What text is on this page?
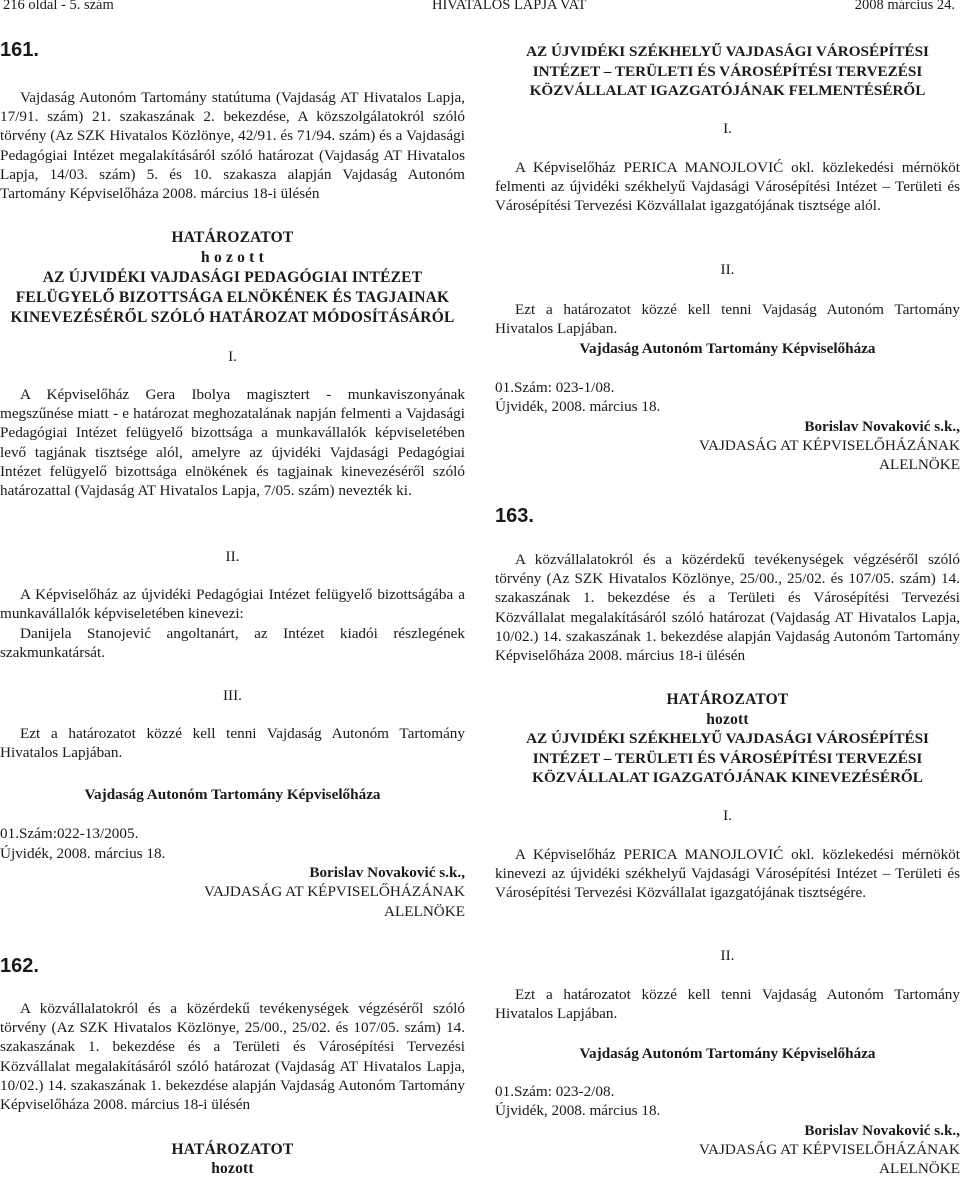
216 oldal - 5. szám	HIVATALOS LAPJA VAT	2008 március 24.
161.
Vajdaság Autonóm Tartomány statútuma (Vajdaság AT Hivatalos Lapja, 17/91. szám) 21. szakaszának 2. bekezdése, A közszolgálatokról szóló törvény (Az SZK Hivatalos Közlönye, 42/91. és 71/94. szám) és a Vajdasági Pedagógiai Intézet megalakításáról szóló határozat (Vajdaság AT Hivatalos Lapja, 14/03. szám) 5. és 10. szakasza alapján Vajdaság Autonóm Tartomány Képviselőháza 2008. március 18-i ülésén
HATÁROZATOT
h o z o t t
AZ ÚJVIDÉKI VAJDASÁGI PEDAGÓGIAI INTÉZET
FELÜGYELŐ BIZOTTSÁGA ELNÖKÉNEK ÉS TAGJAINAK
KINEVEZÉSÉRŐL SZÓLÓ HATÁROZAT MÓDOSÍTÁSÁRÓL
I.
A Képviselőház Gera Ibolya magisztert - munkaviszonyának megszűnése miatt - e határozat meghozatalának napján felmenti a Vajdasági Pedagógiai Intézet felügyelő bizottsága a munkavállalók képviseletében levő tagjának tisztsége alól, amelyre az újvidéki Vajdasági Pedagógiai Intézet felügyelő bizottsága elnökének és tagjainak kinevezéséről szóló határozattal (Vajdaság AT Hivatalos Lapja, 7/05. szám) nevezték ki.
II.
A Képviselőház az újvidéki Pedagógiai Intézet felügyelő bizottságába a munkavállalók képviseletében kinevezi:
Danijela Stanojević angoltanárt, az Intézet kiadói részlegének szakmunkatársát.
III.
Ezt a határozatot közzé kell tenni Vajdaság Autonóm Tartomány Hivatalos Lapjában.
Vajdaság Autonóm Tartomány Képviselőháza
01.Szám:022-13/2005.
Újvidék, 2008. március 18.
Borislav Novaković s.k.,
VAJDASÁG AT KÉPVISELŐHÁZÁNAK
ALELNÖKE
162.
A közvállalatokról és a közérdekű tevékenységek végzéséről szóló törvény (Az SZK Hivatalos Közlönye, 25/00., 25/02. és 107/05. szám) 14. szakaszának 1. bekezdése és a Területi és Városépítési Tervezési Közvállalat megalakításáról szóló határozat (Vajdaság AT Hivatalos Lapja, 10/02.) 14. szakaszának 1. bekezdése alapján Vajdaság Autonóm Tartomány Képviselőháza 2008. március 18-i ülésén
HATÁROZATOT
hozott
AZ ÚJVIDÉKI SZÉKHELYŰ VAJDASÁGI VÁROSÉPÍTÉSI
INTÉZET – TERÜLETI ÉS VÁROSÉPÍTÉSI TERVEZÉSI
KÖZVÁLLALAT IGAZGATÓJÁNAK FELMENTÉSÉRŐL
I.
A Képviselőház PERICA MANOJLOVIĆ okl. közlekedési mérnököt felmenti az újvidéki székhelyű Vajdasági Városépítési Intézet – Területi és Városépítési Tervezési Közvállalat igazgatójának tisztsége alól.
II.
Ezt a határozatot közzé kell tenni Vajdaság Autonóm Tartomány Hivatalos Lapjában.
Vajdaság Autonóm Tartomány Képviselőháza
01.Szám: 023-1/08.
Újvidék, 2008. március 18.
Borislav Novaković s.k.,
VAJDASÁG AT KÉPVISELŐHÁZÁNAK
ALELNÖKE
163.
A közvállalatokról és a közérdekű tevékenységek végzéséről szóló törvény (Az SZK Hivatalos Közlönye, 25/00., 25/02. és 107/05. szám) 14. szakaszának 1. bekezdése és a Területi és Városépítési Tervezési Közvállalat megalakításáról szóló határozat (Vajdaság AT Hivatalos Lapja, 10/02.) 14. szakaszának 1. bekezdése alapján Vajdaság Autonóm Tartomány Képviselőháza 2008. március 18-i ülésén
HATÁROZATOT
hozott
AZ ÚJVIDÉKI SZÉKHELYŰ VAJDASÁGI VÁROSÉPÍTÉSI
INTÉZET – TERÜLETI ÉS VÁROSÉPÍTÉSI TERVEZÉSI
KÖZVÁLLALAT IGAZGATÓJÁNAK KINEVEZÉSÉRŐL
I.
A Képviselőház PERICA MANOJLOVIĆ okl. közlekedési mérnököt kinevezi az újvidéki székhelyű Vajdasági Városépítési Intézet – Területi és Városépítési Tervezési Közvállalat igazgatójának tisztségére.
II.
Ezt a határozatot közzé kell tenni Vajdaság Autonóm Tartomány Hivatalos Lapjában.
Vajdaság Autonóm Tartomány Képviselőháza
01.Szám: 023-2/08.
Újvidék, 2008. március 18.
Borislav Novaković s.k.,
VAJDASÁG AT KÉPVISELŐHÁZÁNAK
ALELNÖKE
